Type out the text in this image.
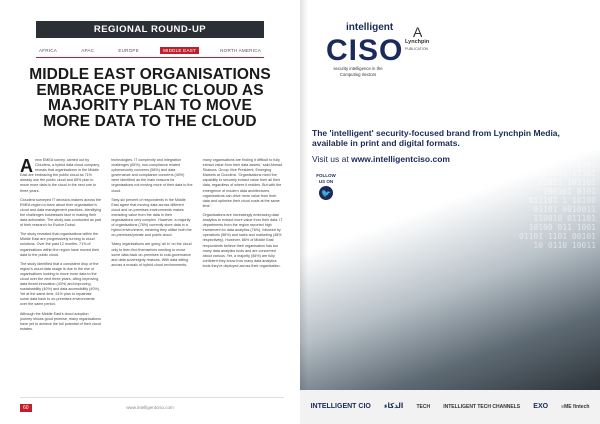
REGIONAL ROUND-UP
AFRICA	APAC	EUROPE	MIDDLE EAST	NORTH AMERICA
MIDDLE EAST ORGANISATIONS EMBRACE PUBLIC CLOUD AS MAJORITY PLAN TO MOVE MORE DATA TO THE CLOUD
A new EMEA survey, carried out by Cloudera, a hybrid data cloud company, reveals that organisations in the Middle East are embracing the public cloud as 71% already use the public cloud and 85% plan to move more data to the cloud in the next one to three years.

Cloudera surveyed IT decision-makers across the EMEA region to learn about their organisation's cloud and data management practices, identifying the challenges businesses face in making their data actionable. The study was conducted as part of their research for Evolve Dubai.

The study revealed that organisations within the Middle East are progressively turning to cloud solutions. Over the past 12 months, 71% of organisations within the region have moved their data to the public cloud.

The study identified that a consistent drop of the region's cloud data usage is due to the rise of organisations looking to move more data to the cloud over the next three years, citing improving data threat innovation (43%) and improving sustainability (40%) and data accessibility (40%). Yet at the same time, 61% plan to repatriate some data back to on-premises environments over the same period.

Although the Middle East's cloud adoption journey shows good promise, many organisations have yet to achieve the full potential of their cloud estates.

technologies. IT complexity and integration challenges (65%), non-compliance related cybersecurity concerns (58%) and data governance and compliance concerns (40%) were identified as the main reasons for organisations not moving more of their data to the cloud.

Sixty-six percent of respondents in the Middle East agree that moving data across different cloud and on-premises environments makes extracting value from the data in their organisations very complex. However, a majority of organisations (78%) currently store data in a hybrid environment, meaning they utilise both the on-premises/private and public cloud.

'Many organisations are going 'all in' on the cloud only to then find themselves needing to move some data back on-premises to cost-governance and data sovereignty reasons. With data sitting across a mosaic of hybrid cloud environments,

many organisations are finding it difficult to fully extract value from their data assets,' said Ahmad Shakora, Group Vice President, Emerging Markets at Cloudera. 'Organisations need the capability to securely extract value from all their data, regardless of where it resides. But with the emergence of modern data architectures, organisations can drive more value from their data and optimise their cloud costs at the same time.'

Organisations are increasingly embracing data analytics to extract more value from their data. IT departments from the region reported high investment for data analytics (76%), followed by operations (58%) and sales and marketing (48% respectively). However, 86% of Middle East respondents believe their organisation has too many data analytics tools and are concerned about various. Yet, a majority (56%) are fully confident they know how many data analytics tools they're deployed across their organisation.

60	www.intelligentciso.com
1010101101 0100101011 11101 01011 101101 100101 0101 011101 1 10100 01101 0010011 110010 011101 10100 011 1001 01101 1101 00101 10 0110 10011
intelligent
CISO
security intelligence in the Computing Sectors
A
Lynchpin
PUBLICATION
The 'intelligent' security-focused brand from Lynchpin Media, available in print and digital formats.
Visit us at www.intelligentciso.com
FOLLOW US ON
🐦
INTELLIGENT CIO الذكاء	TECH	INTELLIGENT TECH CHANNELS EXO	≡ME fintech
